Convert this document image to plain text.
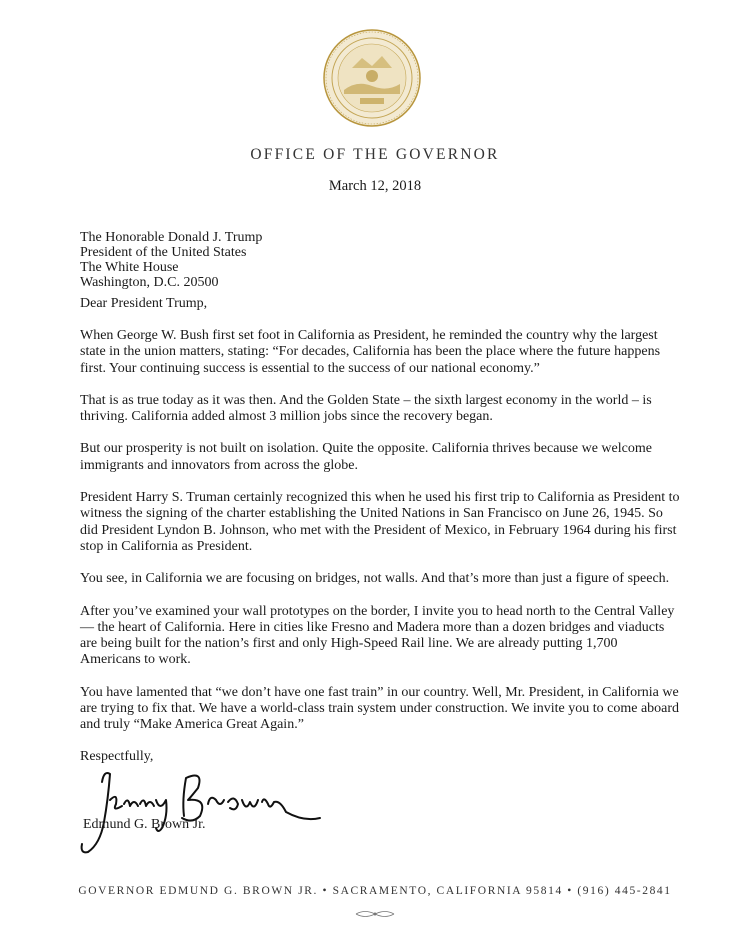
OFFICE OF THE GOVERNOR
March 12, 2018
The Honorable Donald J. Trump
President of the United States
The White House
Washington, D.C. 20500
Dear President Trump,

When George W. Bush first set foot in California as President, he reminded the country why the largest state in the union matters, stating: “For decades, California has been the place where the future happens first. Your continuing success is essential to the success of our national economy.”

That is as true today as it was then. And the Golden State – the sixth largest economy in the world – is thriving. California added almost 3 million jobs since the recovery began.

But our prosperity is not built on isolation. Quite the opposite. California thrives because we welcome immigrants and innovators from across the globe.

President Harry S. Truman certainly recognized this when he used his first trip to California as President to witness the signing of the charter establishing the United Nations in San Francisco on June 26, 1945. So did President Lyndon B. Johnson, who met with the President of Mexico, in February 1964 during his first stop in California as President.

You see, in California we are focusing on bridges, not walls. And that’s more than just a figure of speech.

After you’ve examined your wall prototypes on the border, I invite you to head north to the Central Valley — the heart of California. Here in cities like Fresno and Madera more than a dozen bridges and viaducts are being built for the nation’s first and only High-Speed Rail line. We are already putting 1,700 Americans to work.

You have lamented that “we don’t have one fast train” in our country. Well, Mr. President, in California we are trying to fix that. We have a world-class train system under construction. We invite you to come aboard and truly “Make America Great Again.”

Respectfully,
Edmund G. Brown Jr.
GOVERNOR EDMUND G. BROWN JR. • SACRAMENTO, CALIFORNIA 95814 • (916) 445-2841
